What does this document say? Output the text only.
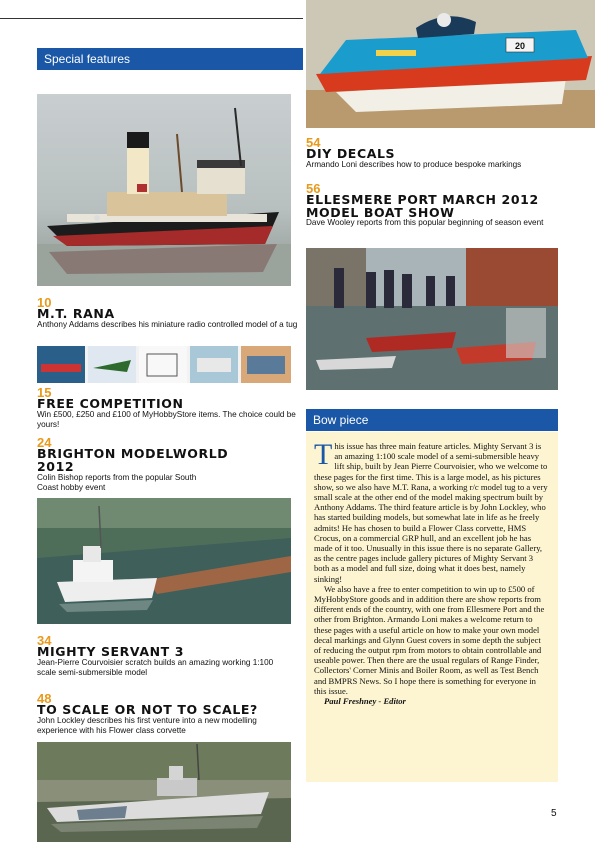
Special features
10
M.T. RANA
Anthony Addams describes his miniature radio controlled model of a tug
15
FREE COMPETITION
Win £500, £250 and £100 of MyHobbyStore items. The choice could be yours!
24
BRIGHTON MODELWORLD 2012
Colin Bishop reports from the popular South Coast hobby event
34
MIGHTY SERVANT 3
Jean-Pierre Courvoisier scratch builds an amazing working 1:100 scale semi-submersible model
48
TO SCALE OR NOT TO SCALE?
John Lockley describes his first venture into a new modelling experience with his Flower class corvette
20
54
DIY DECALS
Armando Loni describes how to produce bespoke markings
56
ELLESMERE PORT MARCH 2012 MODEL BOAT SHOW
Dave Wooley reports from this popular beginning of season event
Bow piece
This issue has three main feature articles. Mighty Servant 3 is an amazing 1:100 scale model of a semi-submersible heavy lift ship, built by Jean Pierre Courvoisier, who we welcome to these pages for the first time. This is a large model, as his pictures show, so we also have M.T. Rana, a working r/c model tug to a very small scale at the other end of the model making spectrum built by Anthony Addams. The third feature article is by John Lockley, who has started building models, but somewhat late in life as he freely admits! He has chosen to build a Flower Class corvette, HMS Crocus, on a commercial GRP hull, and an excellent job he has made of it too. Unusually in this issue there is no separate Gallery, as the centre pages include gallery pictures of Mighty Servant 3 both as a model and full size, doing what it does best, namely sinking!
We also have a free to enter competition to win up to £500 of MyHobbyStore goods and in addition there are show reports from different ends of the country, with one from Ellesmere Port and the other from Brighton. Armando Loni makes a welcome return to these pages with a useful article on how to make your own model decal markings and Glynn Guest covers in some depth the subject of reducing the output rpm from motors to obtain controllable and useable power. Then there are the usual regulars of Range Finder, Collectors' Corner Minis and Boiler Room, as well as Test Bench and BMPRS News. So I hope there is something for everyone in this issue.
Paul Freshney - Editor
5
